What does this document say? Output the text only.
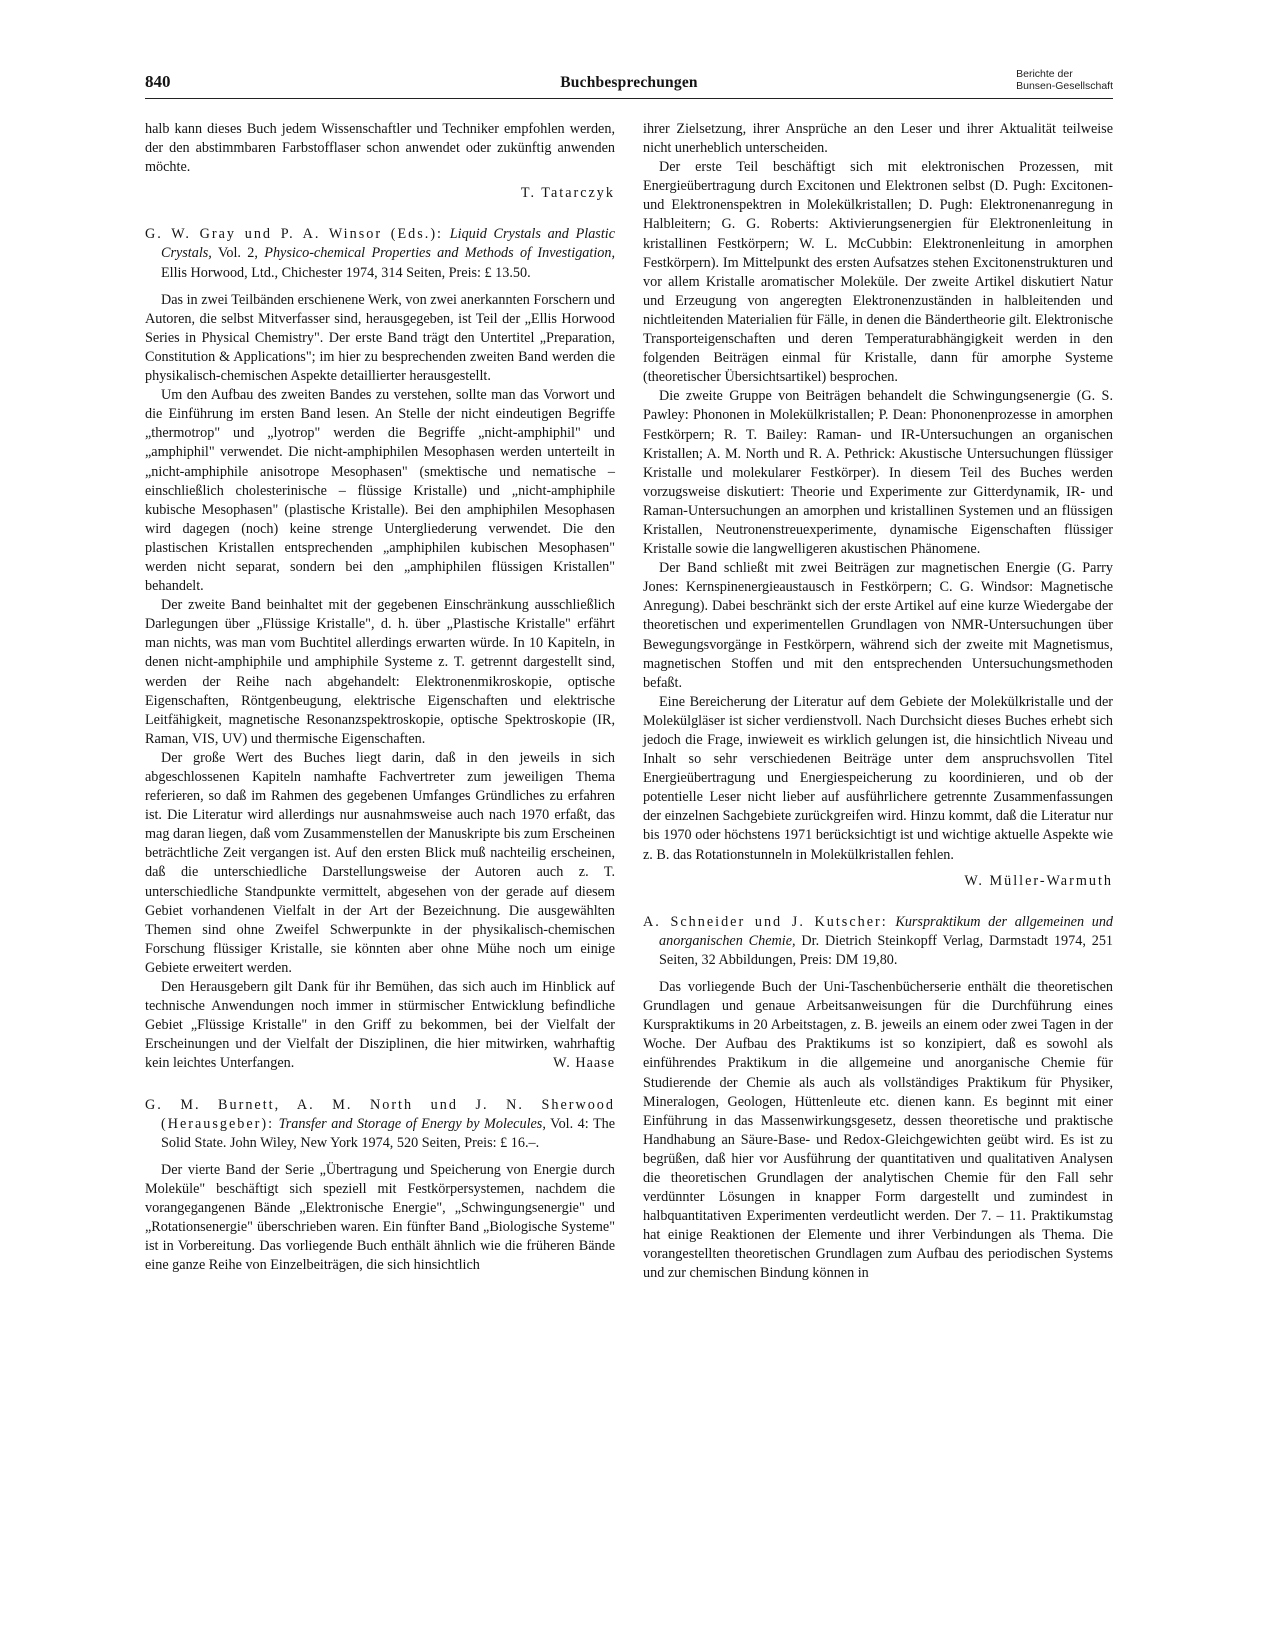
840	Buchbesprechungen	Berichte der
Bunsen-Gesellschaft

halb kann dieses Buch jedem Wissenschaftler und Techniker empfohlen werden, der den abstimmbaren Farbstofflaser schon anwendet oder zukünftig anwenden möchte.

T. Tatarczyk

G. W. Gray und P. A. Winsor (Eds.): Liquid Crystals and Plastic Crystals, Vol. 2, Physico-chemical Properties and Methods of Investigation, Ellis Horwood, Ltd., Chichester 1974, 314 Seiten, Preis: £ 13.50.

Das in zwei Teilbänden erschienene Werk, von zwei anerkannten Forschern und Autoren, die selbst Mitverfasser sind, herausgegeben, ist Teil der „Ellis Horwood Series in Physical Chemistry". Der erste Band trägt den Untertitel „Preparation, Constitution & Applications"; im hier zu besprechenden zweiten Band werden die physikalisch-chemischen Aspekte detaillierter herausgestellt.

Um den Aufbau des zweiten Bandes zu verstehen, sollte man das Vorwort und die Einführung im ersten Band lesen. An Stelle der nicht eindeutigen Begriffe „thermotrop" und „lyotrop" werden die Begriffe „nicht-amphiphil" und „amphiphil" verwendet. Die nicht-amphiphilen Mesophasen werden unterteilt in „nicht-amphiphile anisotrope Mesophasen" (smektische und nematische – einschließlich cholesterinische – flüssige Kristalle) und „nicht-amphiphile kubische Mesophasen" (plastische Kristalle). Bei den amphiphilen Mesophasen wird dagegen (noch) keine strenge Untergliederung verwendet. Die den plastischen Kristallen entsprechenden „amphiphilen kubischen Mesophasen" werden nicht separat, sondern bei den „amphiphilen flüssigen Kristallen" behandelt.

Der zweite Band beinhaltet mit der gegebenen Einschränkung ausschließlich Darlegungen über „Flüssige Kristalle", d. h. über „Plastische Kristalle" erfährt man nichts, was man vom Buchtitel allerdings erwarten würde. In 10 Kapiteln, in denen nicht-amphiphile und amphiphile Systeme z. T. getrennt dargestellt sind, werden der Reihe nach abgehandelt: Elektronenmikroskopie, optische Eigenschaften, Röntgenbeugung, elektrische Eigenschaften und elektrische Leitfähigkeit, magnetische Resonanzspektroskopie, optische Spektroskopie (IR, Raman, VIS, UV) und thermische Eigenschaften.

Der große Wert des Buches liegt darin, daß in den jeweils in sich abgeschlossenen Kapiteln namhafte Fachvertreter zum jeweiligen Thema referieren, so daß im Rahmen des gegebenen Umfanges Gründliches zu erfahren ist. Die Literatur wird allerdings nur ausnahmsweise auch nach 1970 erfaßt, das mag daran liegen, daß vom Zusammenstellen der Manuskripte bis zum Erscheinen beträchtliche Zeit vergangen ist. Auf den ersten Blick muß nachteilig erscheinen, daß die unterschiedliche Darstellungsweise der Autoren auch z. T. unterschiedliche Standpunkte vermittelt, abgesehen von der gerade auf diesem Gebiet vorhandenen Vielfalt in der Art der Bezeichnung. Die ausgewählten Themen sind ohne Zweifel Schwerpunkte in der physikalisch-chemischen Forschung flüssiger Kristalle, sie könnten aber ohne Mühe noch um einige Gebiete erweitert werden.

Den Herausgebern gilt Dank für ihr Bemühen, das sich auch im Hinblick auf technische Anwendungen noch immer in stürmischer Entwicklung befindliche Gebiet „Flüssige Kristalle" in den Griff zu bekommen, bei der Vielfalt der Erscheinungen und der Vielfalt der Disziplinen, die hier mitwirken, wahrhaftig kein leichtes Unterfangen.	W. Haase

G. M. Burnett, A. M. North und J. N. Sherwood (Herausgeber): Transfer and Storage of Energy by Molecules, Vol. 4: The Solid State. John Wiley, New York 1974, 520 Seiten, Preis: £ 16.–.

Der vierte Band der Serie „Übertragung und Speicherung von Energie durch Moleküle" beschäftigt sich speziell mit Festkörpersystemen, nachdem die vorangegangenen Bände „Elektronische Energie", „Schwingungsenergie" und „Rotationsenergie" überschrieben waren. Ein fünfter Band „Biologische Systeme" ist in Vorbereitung. Das vorliegende Buch enthält ähnlich wie die früheren Bände eine ganze Reihe von Einzelbeiträgen, die sich hinsichtlich

ihrer Zielsetzung, ihrer Ansprüche an den Leser und ihrer Aktualität teilweise nicht unerheblich unterscheiden.

Der erste Teil beschäftigt sich mit elektronischen Prozessen, mit Energieübertragung durch Excitonen und Elektronen selbst (D. Pugh: Excitonen- und Elektronenspektren in Molekülkristallen; D. Pugh: Elektronenanregung in Halbleitern; G. G. Roberts: Aktivierungsenergien für Elektronenleitung in kristallinen Festkörpern; W. L. McCubbin: Elektronenleitung in amorphen Festkörpern). Im Mittelpunkt des ersten Aufsatzes stehen Excitonenstrukturen und vor allem Kristalle aromatischer Moleküle. Der zweite Artikel diskutiert Natur und Erzeugung von angeregten Elektronenzuständen in halbleitenden und nichtleitenden Materialien für Fälle, in denen die Bändertheorie gilt. Elektronische Transporteigenschaften und deren Temperaturabhängigkeit werden in den folgenden Beiträgen einmal für Kristalle, dann für amorphe Systeme (theoretischer Übersichtsartikel) besprochen.

Die zweite Gruppe von Beiträgen behandelt die Schwingungsenergie (G. S. Pawley: Phononen in Molekülkristallen; P. Dean: Phononenprozesse in amorphen Festkörpern; R. T. Bailey: Raman- und IR-Untersuchungen an organischen Kristallen; A. M. North und R. A. Pethrick: Akustische Untersuchungen flüssiger Kristalle und molekularer Festkörper). In diesem Teil des Buches werden vorzugsweise diskutiert: Theorie und Experimente zur Gitterdynamik, IR- und Raman-Untersuchungen an amorphen und kristallinen Systemen und an flüssigen Kristallen, Neutronenstreuexperimente, dynamische Eigenschaften flüssiger Kristalle sowie die langwelligeren akustischen Phänomene.

Der Band schließt mit zwei Beiträgen zur magnetischen Energie (G. Parry Jones: Kernspinenergieaustausch in Festkörpern; C. G. Windsor: Magnetische Anregung). Dabei beschränkt sich der erste Artikel auf eine kurze Wiedergabe der theoretischen und experimentellen Grundlagen von NMR-Untersuchungen über Bewegungsvorgänge in Festkörpern, während sich der zweite mit Magnetismus, magnetischen Stoffen und mit den entsprechenden Untersuchungsmethoden befaßt.

Eine Bereicherung der Literatur auf dem Gebiete der Molekülkristalle und der Molekülgläser ist sicher verdienstvoll. Nach Durchsicht dieses Buches erhebt sich jedoch die Frage, inwieweit es wirklich gelungen ist, die hinsichtlich Niveau und Inhalt so sehr verschiedenen Beiträge unter dem anspruchsvollen Titel Energieübertragung und Energiespeicherung zu koordinieren, und ob der potentielle Leser nicht lieber auf ausführlichere getrennte Zusammenfassungen der einzelnen Sachgebiete zurückgreifen wird. Hinzu kommt, daß die Literatur nur bis 1970 oder höchstens 1971 berücksichtigt ist und wichtige aktuelle Aspekte wie z. B. das Rotationstunneln in Molekülkristallen fehlen.

W. Müller-Warmuth

A. Schneider und J. Kutscher: Kurspraktikum der allgemeinen und anorganischen Chemie, Dr. Dietrich Steinkopff Verlag, Darmstadt 1974, 251 Seiten, 32 Abbildungen, Preis: DM 19,80.

Das vorliegende Buch der Uni-Taschenbücherserie enthält die theoretischen Grundlagen und genaue Arbeitsanweisungen für die Durchführung eines Kurspraktikums in 20 Arbeitstagen, z. B. jeweils an einem oder zwei Tagen in der Woche. Der Aufbau des Praktikums ist so konzipiert, daß es sowohl als einführendes Praktikum in die allgemeine und anorganische Chemie für Studierende der Chemie als auch als vollständiges Praktikum für Physiker, Mineralogen, Geologen, Hüttenleute etc. dienen kann. Es beginnt mit einer Einführung in das Massenwirkungsgesetz, dessen theoretische und praktische Handhabung an Säure-Base- und Redox-Gleichgewichten geübt wird. Es ist zu begrüßen, daß hier vor Ausführung der quantitativen und qualitativen Analysen die theoretischen Grundlagen der analytischen Chemie für den Fall sehr verdünnter Lösungen in knapper Form dargestellt und zumindest in halbquantitativen Experimenten verdeutlicht werden. Der 7. – 11. Praktikumstag hat einige Reaktionen der Elemente und ihrer Verbindungen als Thema. Die vorangestellten theoretischen Grundlagen zum Aufbau des periodischen Systems und zur chemischen Bindung können in
